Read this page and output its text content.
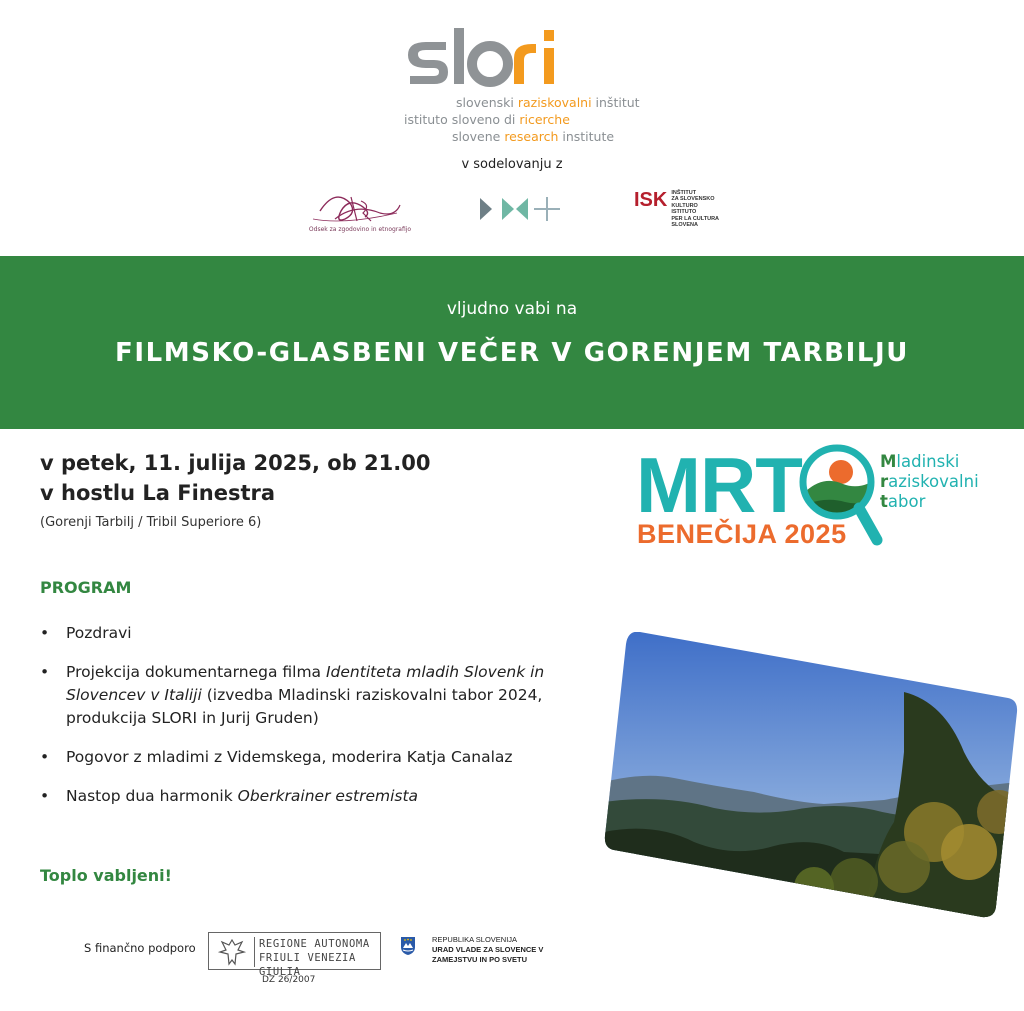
slovenski raziskovalni inštitut
istituto sloveno di ricerche
slovene research institute
v sodelovanju z
Odsek za zgodovino in etnografijo
ISK INŠTITUT
ZA SLOVENSKO
KULTURO
ISTITUTO
PER LA CULTURA
SLOVENA
vljudno vabi na
FILMSKO-GLASBENI VEČER V GORENJEM TARBILJU
v petek, 11. julija 2025, ob 21.00
v hostlu La Finestra
(Gorenji Tarbilj / Tribil Superiore 6)	MRT	Mladinski
raziskovalni
tabor
BENEČIJA 2025
PROGRAM
• Pozdravi
• Projekcija dokumentarnega filma Identiteta mladih Slovenk in Slovencev v Italiji (izvedba Mladinski raziskovalni tabor 2024, produkcija SLORI in Jurij Gruden)
• Pogovor z mladimi z Videmskega, moderira Katja Canalaz
• Nastop dua harmonik Oberkrainer estremista
Toplo vabljeni!
S finančno podporo	REGIONE AUTONOMA
FRIULI VENEZIA GIULIA
DZ 26/2007
REPUBLIKA SLOVENIJA
URAD VLADE ZA SLOVENCE V
ZAMEJSTVU IN PO SVETU
